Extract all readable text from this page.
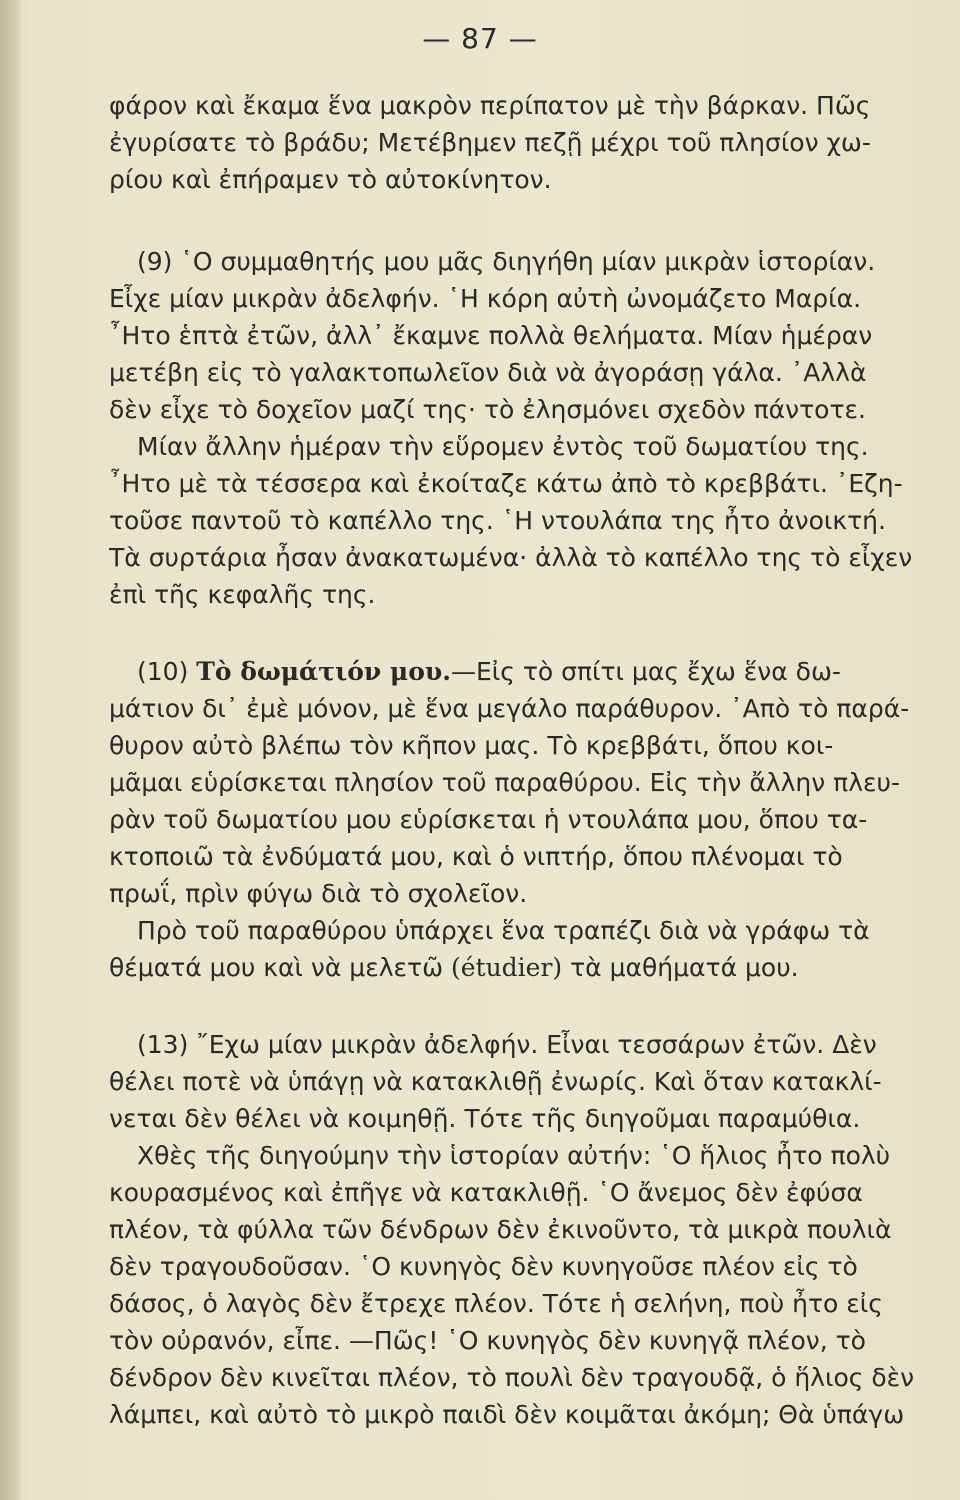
— 87 —
φάρον καὶ ἔκαμα ἕνα μακρὸν περίπατον μὲ τὴν βάρκαν. Πῶς
ἐγυρίσατε τὸ βράδυ; Μετέβημεν πεζῇ μέχρι τοῦ πλησίον χω-
ρίου καὶ ἐπήραμεν τὸ αὐτοκίνητον.
(9) ῾Ο συμμαθητής μου μᾶς διηγήθη μίαν μικρὰν ἱστορίαν.
Εἶχε μίαν μικρὰν ἀδελφήν. ῾Η κόρη αὐτὴ ὠνομάζετο Μαρία.
῏Ητο ἑπτὰ ἐτῶν, ἀλλ᾿ ἔκαμνε πολλὰ θελήματα. Μίαν ἡμέραν
μετέβη εἰς τὸ γαλακτοπωλεῖον διὰ νὰ ἀγοράσῃ γάλα. ᾿Αλλὰ
δὲν εἶχε τὸ δοχεῖον μαζί της· τὸ ἐλησμόνει σχεδὸν πάντοτε.
Μίαν ἄλλην ἡμέραν τὴν εὕρομεν ἐντὸς τοῦ δωματίου της.
῏Ητο μὲ τὰ τέσσερα καὶ ἐκοίταζε κάτω ἀπὸ τὸ κρεββάτι. ᾿Εζη-
τοῦσε παντοῦ τὸ καπέλλο της. ῾Η ντουλάπα της ἦτο ἀνοικτή.
Τὰ συρτάρια ἦσαν ἀνακατωμένα· ἀλλὰ τὸ καπέλλο της τὸ εἶχεν
ἐπὶ τῆς κεφαλῆς της.
(10) Τὸ δωμάτιόν μου.—Εἰς τὸ σπίτι μας ἔχω ἕνα δω-
μάτιον δι᾿ ἐμὲ μόνον, μὲ ἕνα μεγάλο παράθυρον. ᾿Απὸ τὸ παρά-
θυρον αὐτὸ βλέπω τὸν κῆπον μας. Τὸ κρεββάτι, ὅπου κοι-
μᾶμαι εὑρίσκεται πλησίον τοῦ παραθύρου. Εἰς τὴν ἄλλην πλευ-
ρὰν τοῦ δωματίου μου εὑρίσκεται ἡ ντουλάπα μου, ὅπου τα-
κτοποιῶ τὰ ἐνδύματά μου, καὶ ὁ νιπτήρ, ὅπου πλένομαι τὸ
πρωΐ, πρὶν φύγω διὰ τὸ σχολεῖον.
Πρὸ τοῦ παραθύρου ὑπάρχει ἕνα τραπέζι διὰ νὰ γράφω τὰ
θέματά μου καὶ νὰ μελετῶ (étudier) τὰ μαθήματά μου.
(13) ῎Εχω μίαν μικρὰν ἀδελφήν. Εἶναι τεσσάρων ἐτῶν. Δὲν
θέλει ποτὲ νὰ ὑπάγῃ νὰ κατακλιθῇ ἐνωρίς. Καὶ ὅταν κατακλί-
νεται δὲν θέλει νὰ κοιμηθῇ. Τότε τῆς διηγοῦμαι παραμύθια.
Χθὲς τῆς διηγούμην τὴν ἱστορίαν αὐτήν: ῾Ο ἥλιος ἦτο πολὺ
κουρασμένος καὶ ἐπῆγε νὰ κατακλιθῇ. ῾Ο ἄνεμος δὲν ἐφύσα
πλέον, τὰ φύλλα τῶν δένδρων δὲν ἐκινοῦντο, τὰ μικρὰ πουλιὰ
δὲν τραγουδοῦσαν. ῾Ο κυνηγὸς δὲν κυνηγοῦσε πλέον εἰς τὸ
δάσος, ὁ λαγὸς δὲν ἔτρεχε πλέον. Τότε ἡ σελήνη, ποὺ ἦτο εἰς
τὸν οὐρανόν, εἶπε. —Πῶς! ῾Ο κυνηγὸς δὲν κυνηγᾷ πλέον, τὸ
δένδρον δὲν κινεῖται πλέον, τὸ πουλὶ δὲν τραγουδᾷ, ὁ ἥλιος δὲν
λάμπει, καὶ αὐτὸ τὸ μικρὸ παιδὶ δὲν κοιμᾶται ἀκόμη; Θὰ ὑπάγω
